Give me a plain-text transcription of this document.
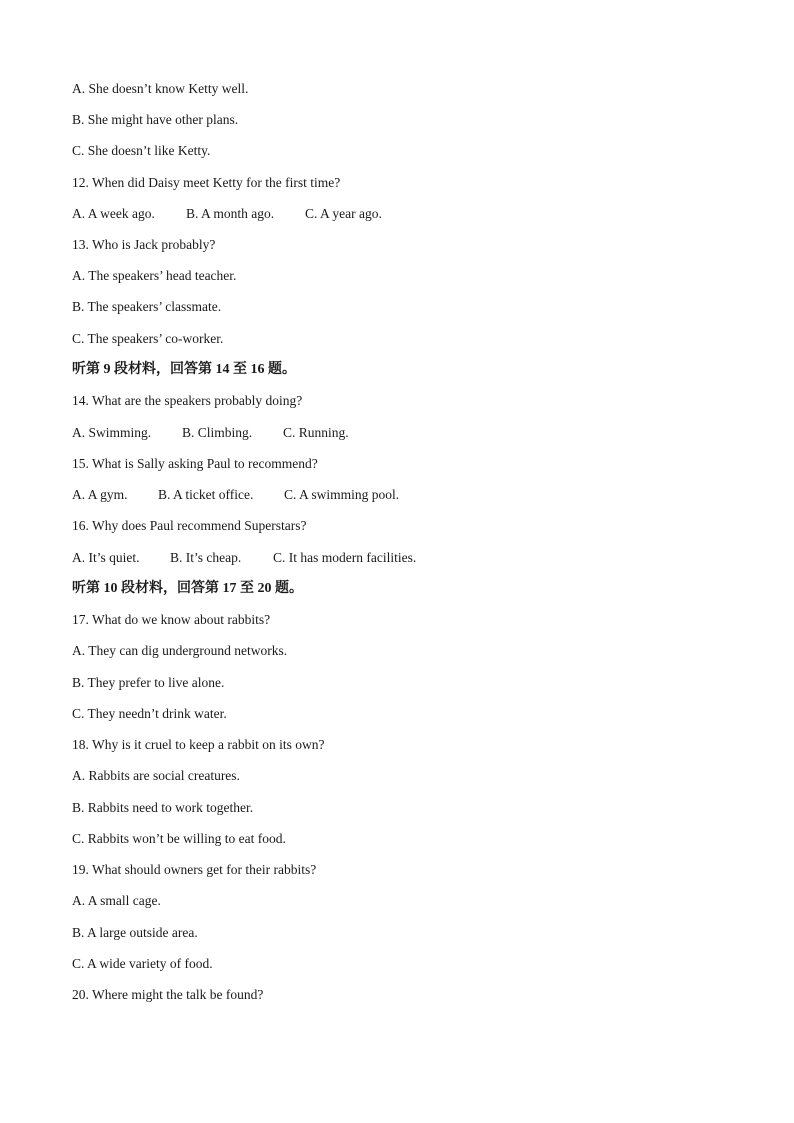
A. She doesn’t know Ketty well.
B. She might have other plans.
C. She doesn’t like Ketty.
12. When did Daisy meet Ketty for the first time?
A. A week ago. B. A month ago. C. A year ago.
13. Who is Jack probably?
A. The speakers’ head teacher.
B. The speakers’ classmate.
C. The speakers’ co-worker.
听第 9 段材料，回答第 14 至 16 题。
14. What are the speakers probably doing?
A. Swimming. B. Climbing. C. Running.
15. What is Sally asking Paul to recommend?
A. A gym. B. A ticket office. C. A swimming pool.
16. Why does Paul recommend Superstars?
A. It’s quiet. B. It’s cheap. C. It has modern facilities.
听第 10 段材料，回答第 17 至 20 题。
17. What do we know about rabbits?
A. They can dig underground networks.
B. They prefer to live alone.
C. They needn’t drink water.
18. Why is it cruel to keep a rabbit on its own?
A. Rabbits are social creatures.
B. Rabbits need to work together.
C. Rabbits won’t be willing to eat food.
19. What should owners get for their rabbits?
A. A small cage.
B. A large outside area.
C. A wide variety of food.
20. Where might the talk be found?
